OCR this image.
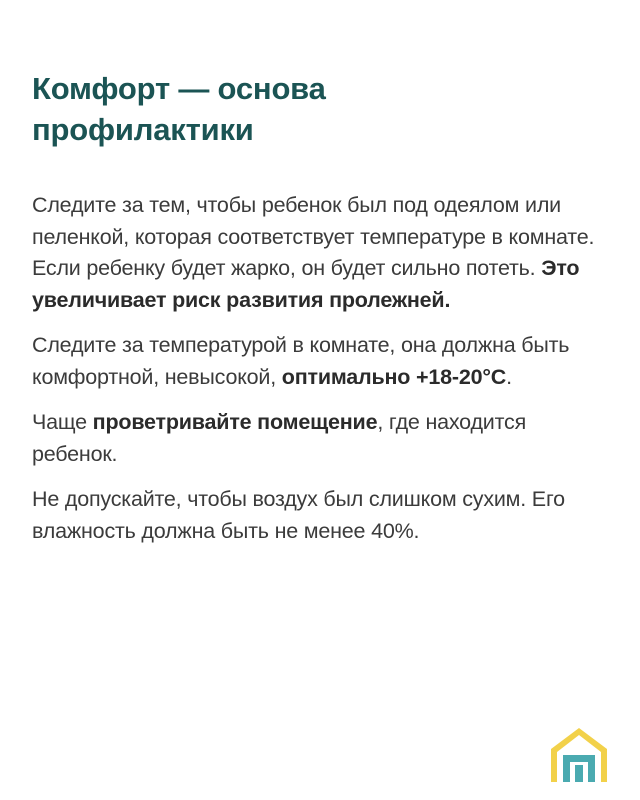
Комфорт — основа
профилактики

Следите за тем, чтобы ребенок был под одеялом или пеленкой, которая соответствует температуре в комнате. Если ребенку будет жарко, он будет сильно потеть. Это увеличивает риск развития пролежней.

Следите за температурой в комнате, она должна быть комфортной, невысокой, оптимально +18-20°С.

Чаще проветривайте помещение, где находится ребенок.

Не допускайте, чтобы воздух был слишком сухим. Его влажность должна быть не менее 40%.
